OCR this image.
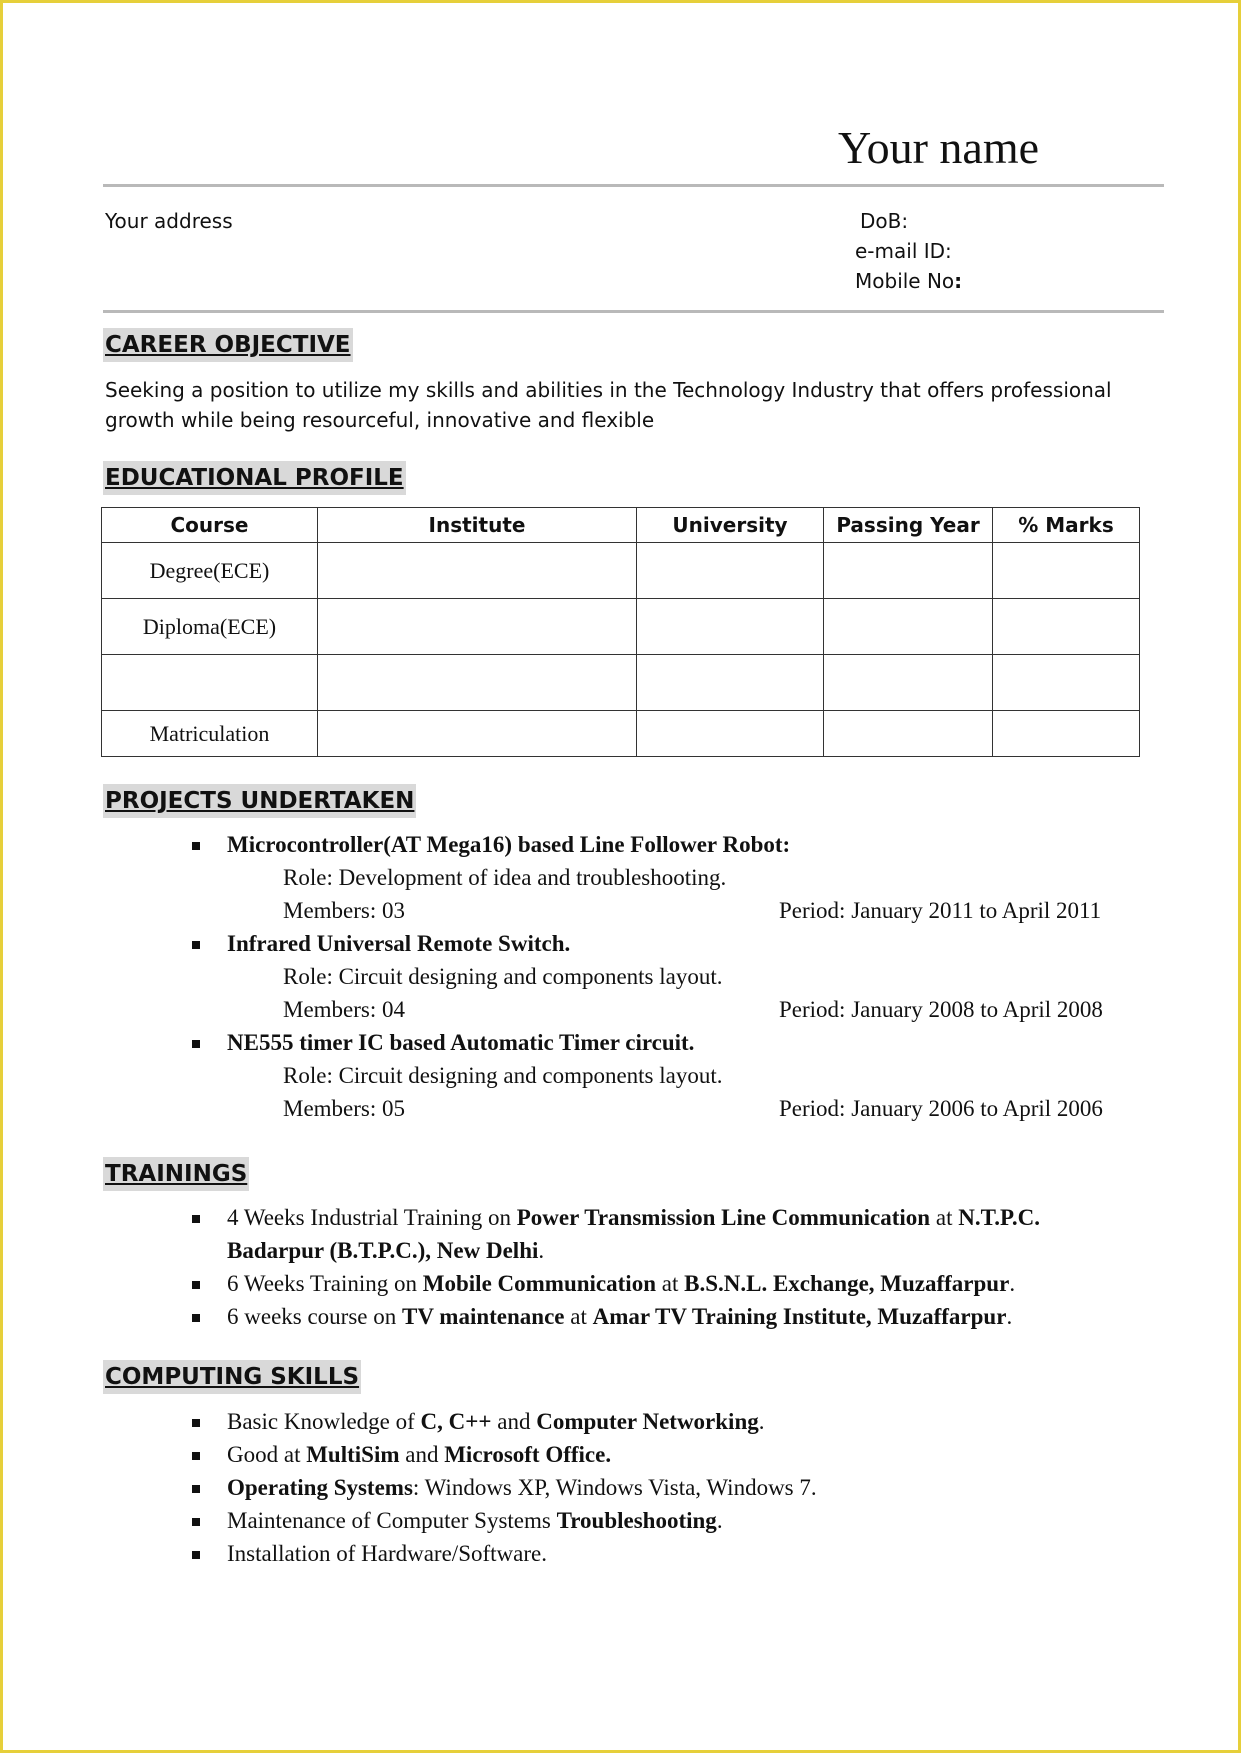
Your name
Your address	DoB:
e-mail ID:
Mobile No:
CAREER OBJECTIVE
Seeking a position to utilize my skills and abilities in the Technology Industry that offers professional
growth while being resourceful, innovative and flexible
EDUCATIONAL PROFILE
Course	Institute	University	Passing Year	% Marks
Degree(ECE)				
Diploma(ECE)				

Matriculation				
PROJECTS UNDERTAKEN
Microcontroller(AT Mega16) based Line Follower Robot:
Role: Development of idea and troubleshooting.
Members: 03	Period: January 2011 to April 2011
Infrared Universal Remote Switch.
Role: Circuit designing and components layout.
Members: 04	Period: January 2008 to April 2008
NE555 timer IC based Automatic Timer circuit.
Role: Circuit designing and components layout.
Members: 05	Period: January 2006 to April 2006
TRAININGS
4 Weeks Industrial Training on Power Transmission Line Communication at N.T.P.C.
Badarpur (B.T.P.C.), New Delhi.
6 Weeks Training on Mobile Communication at B.S.N.L. Exchange, Muzaffarpur.
6 weeks course on TV maintenance at Amar TV Training Institute, Muzaffarpur.
COMPUTING SKILLS
Basic Knowledge of C, C++ and Computer Networking.
Good at MultiSim and Microsoft Office.
Operating Systems: Windows XP, Windows Vista, Windows 7.
Maintenance of Computer Systems Troubleshooting.
Installation of Hardware/Software.
